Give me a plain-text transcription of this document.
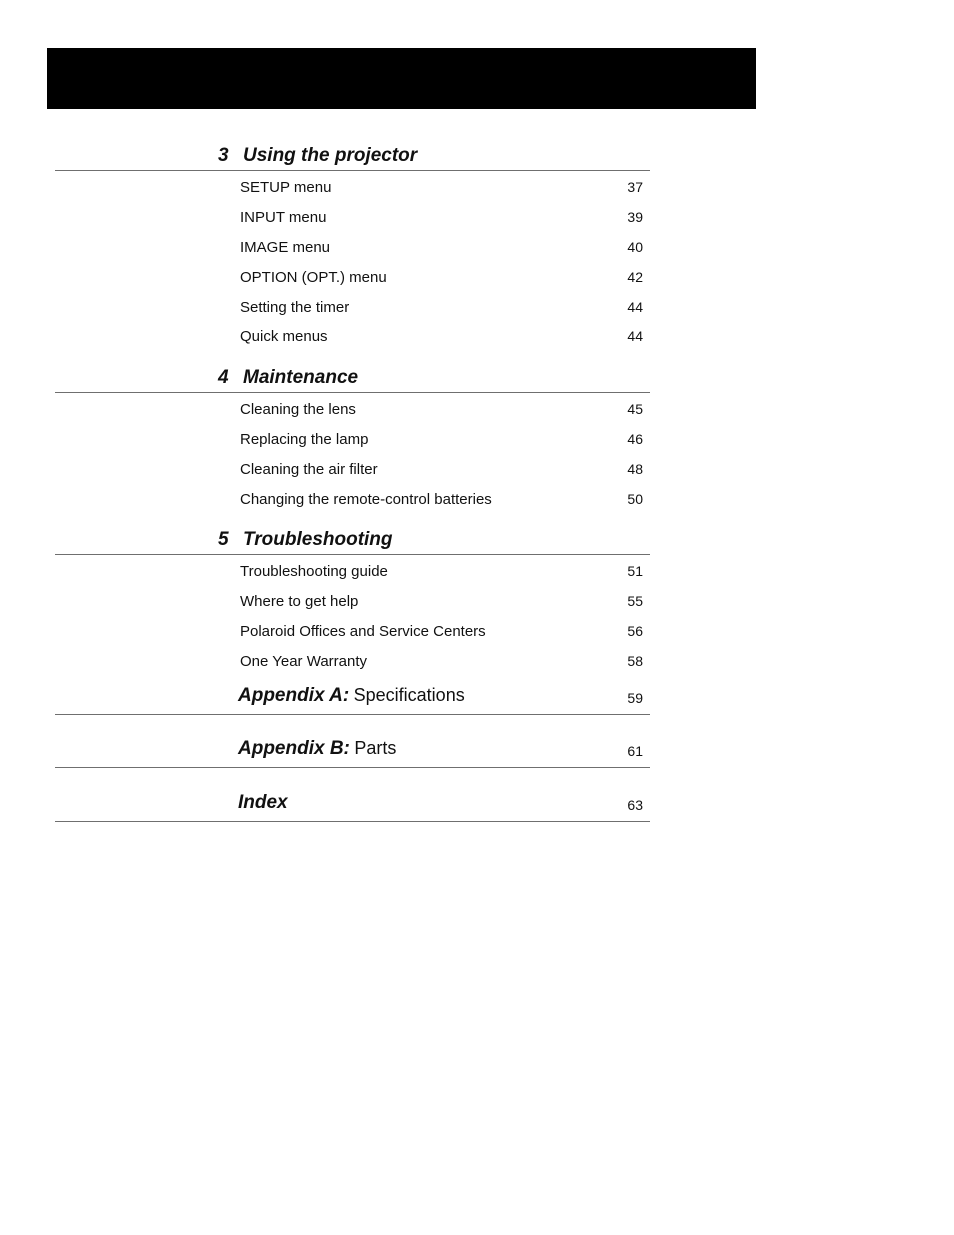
3 Using the projector
SETUP menu	37
INPUT menu	39
IMAGE menu	40
OPTION (OPT.) menu	42
Setting the timer	44
Quick menus	44
4 Maintenance
Cleaning the lens	45
Replacing the lamp	46
Cleaning the air filter	48
Changing the remote-control batteries	50
5 Troubleshooting
Troubleshooting guide	51
Where to get help	55
Polaroid Offices and Service Centers	56
One Year Warranty	58
Appendix A: Specifications	59
Appendix B: Parts	61
Index	63
